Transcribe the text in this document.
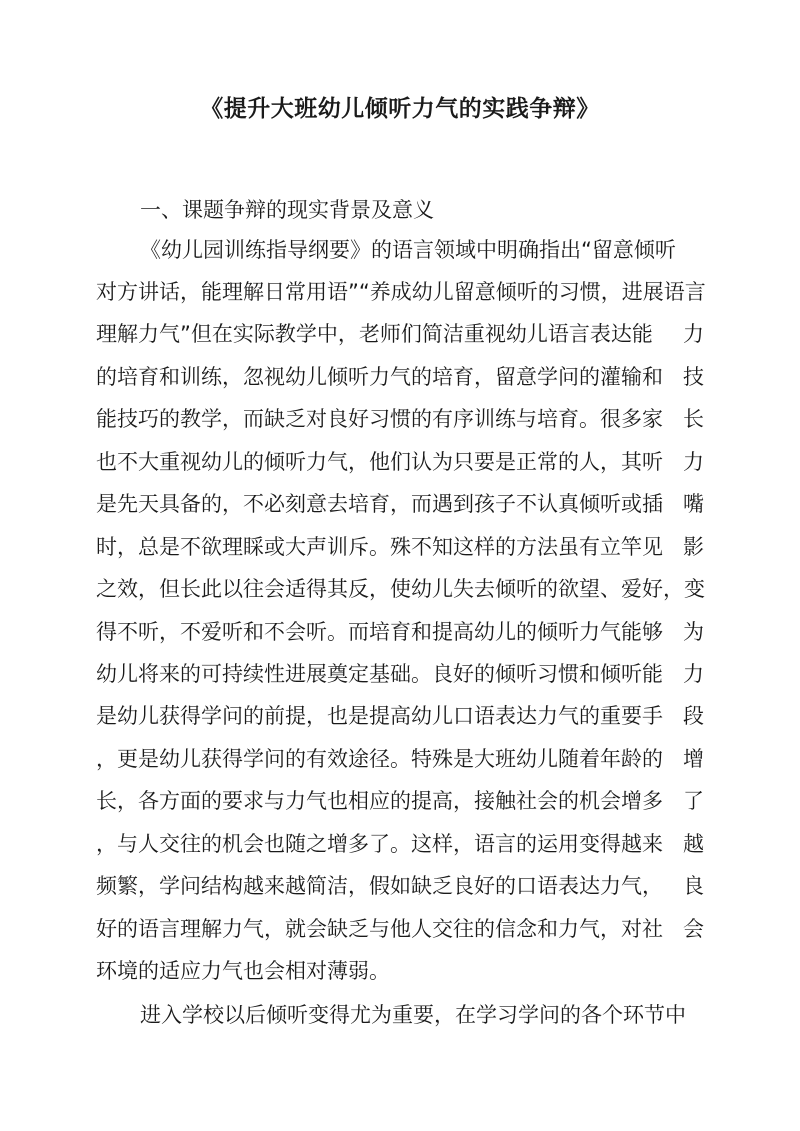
《提升大班幼儿倾听力气的实践争辩》
一、课题争辩的现实背景及意义
《幼儿园训练指导纲要》的语言领域中明确指出“留意倾听
对方讲话，能理解日常用语”“养成幼儿留意倾听的习惯，进展语言
理解力气”但在实际教学中，老师们简洁重视幼儿语言表达能 力
的培育和训练，忽视幼儿倾听力气的培育，留意学问的灌输和 技
能技巧的教学，而缺乏对良好习惯的有序训练与培育。很多家 长
也不大重视幼儿的倾听力气，他们认为只要是正常的人，其听 力
是先天具备的，不必刻意去培育，而遇到孩子不认真倾听或插 嘴
时，总是不欲理睬或大声训斥。殊不知这样的方法虽有立竿见 影
之效，但长此以往会适得其反，使幼儿失去倾听的欲望、爱好， 变
得不听，不爱听和不会听。而培育和提高幼儿的倾听力气能够 为
幼儿将来的可持续性进展奠定基础。良好的倾听习惯和倾听能 力
是幼儿获得学问的前提，也是提高幼儿口语表达力气的重要手 段
，更是幼儿获得学问的有效途径。特殊是大班幼儿随着年龄的 增
长，各方面的要求与力气也相应的提高，接触社会的机会增多 了
，与人交往的机会也随之增多了。这样，语言的运用变得越来 越
频繁，学问结构越来越简洁，假如缺乏良好的口语表达力气， 良
好的语言理解力气，就会缺乏与他人交往的信念和力气，对社 会
环境的适应力气也会相对薄弱。
进入学校以后倾听变得尤为重要，在学习学问的各个环节中
